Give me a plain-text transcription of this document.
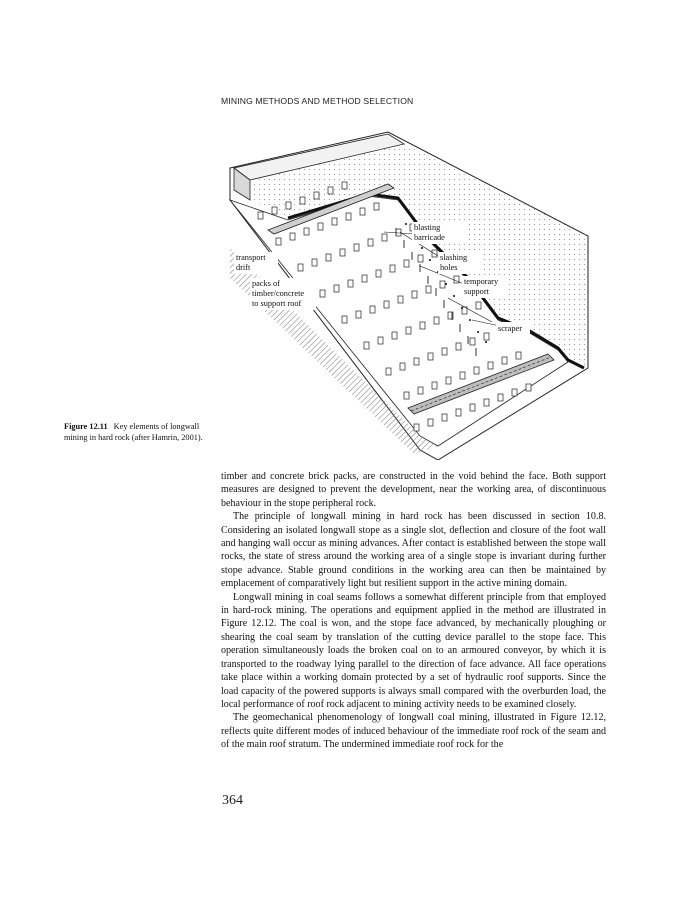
MINING METHODS AND METHOD SELECTION
blasting
barricade
transport
drift
slashing
holes
packs of
timber/concrete
to support roof
temporary
support
scraper
Figure 12.11 Key elements of longwall mining in hard rock (after Hamrin, 2001).

timber and concrete brick packs, are constructed in the void behind the face. Both support measures are designed to prevent the development, near the working area, of discontinuous behaviour in the stope peripheral rock.

The principle of longwall mining in hard rock has been discussed in section 10.8. Considering an isolated longwall stope as a single slot, deflection and closure of the foot wall and hanging wall occur as mining advances. After contact is established between the stope wall rocks, the state of stress around the working area of a single stope is invariant during further stope advance. Stable ground conditions in the working area can then be maintained by emplacement of comparatively light but resilient support in the active mining domain.

Longwall mining in coal seams follows a somewhat different principle from that employed in hard-rock mining. The operations and equipment applied in the method are illustrated in Figure 12.12. The coal is won, and the stope face advanced, by mechanically ploughing or shearing the coal seam by translation of the cutting device parallel to the stope face. This operation simultaneously loads the broken coal on to an armoured conveyor, by which it is transported to the roadway lying parallel to the direction of face advance. All face operations take place within a working domain protected by a set of hydraulic roof supports. Since the load capacity of the powered supports is always small compared with the overburden load, the local performance of roof rock adjacent to mining activity needs to be examined closely.

The geomechanical phenomenology of longwall coal mining, illustrated in Figure 12.12, reflects quite different modes of induced behaviour of the immediate roof rock of the seam and of the main roof stratum. The undermined immediate roof rock for the

364
